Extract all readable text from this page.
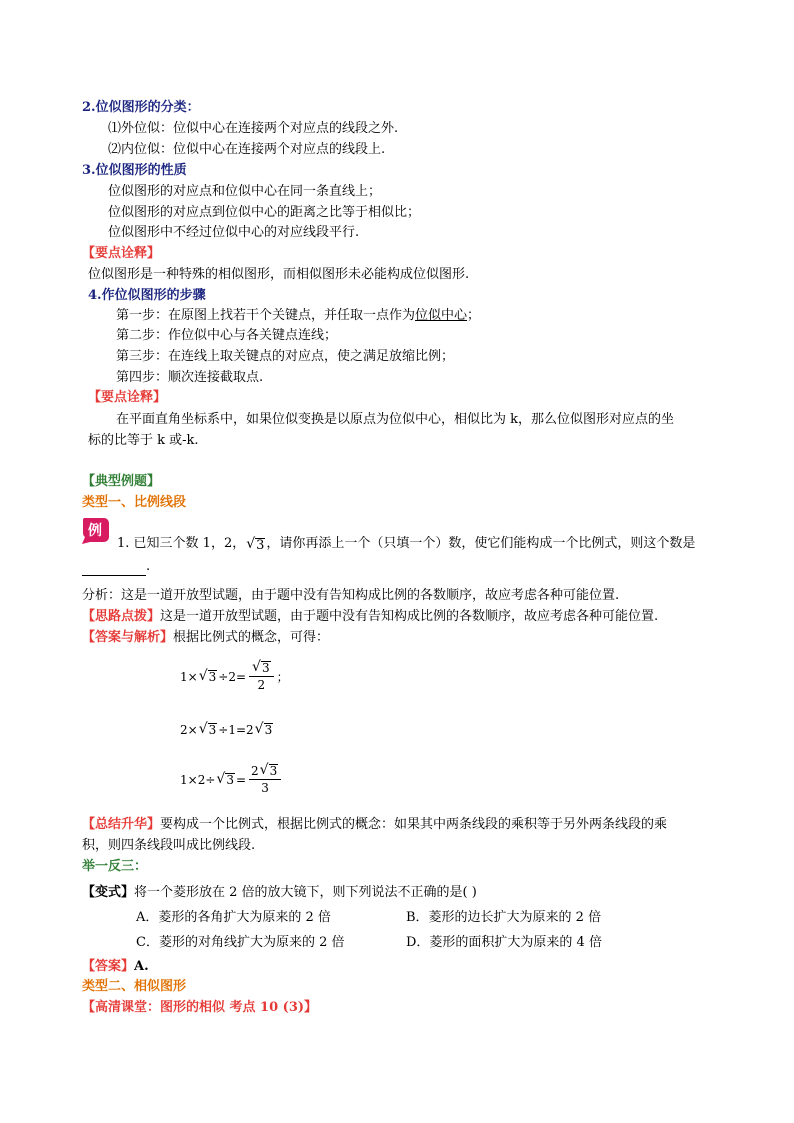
2.位似图形的分类：
⑴外位似：位似中心在连接两个对应点的线段之外.
⑵内位似：位似中心在连接两个对应点的线段上.
3.位似图形的性质
位似图形的对应点和位似中心在同一条直线上；
位似图形的对应点到位似中心的距离之比等于相似比；
位似图形中不经过位似中心的对应线段平行.
【要点诠释】
位似图形是一种特殊的相似图形，而相似图形未必能构成位似图形.
4.作位似图形的步骤
第一步：在原图上找若干个关键点，并任取一点作为位似中心；
第二步：作位似中心与各关键点连线；
第三步：在连线上取关键点的对应点，使之满足放缩比例；
第四步：顺次连接截取点.
【要点诠释】
在平面直角坐标系中，如果位似变换是以原点为位似中心，相似比为 k，那么位似图形对应点的坐
标的比等于 k 或-k.
【典型例题】
类型一、比例线段
例
1. 已知三个数 1，2， √ 3 ，请你再添上一个（只填一个）数，使它们能构成一个比例式，则这个数是
.
分析：这是一道开放型试题，由于题中没有告知构成比例的各数顺序，故应考虑各种可能位置.
【思路点拨】这是一道开放型试题，由于题中没有告知构成比例的各数顺序，故应考虑各种可能位置.
【答案与解析】根据比例式的概念，可得：
1× √ $3 \div 2= \frac{√ 3}{2}$ ；
2× √ 3 ÷1=2 √ 3
1×2÷ √ $3 = \frac{2 √ 3}{3}$
【总结升华】要构成一个比例式，根据比例式的概念：如果其中两条线段的乘积等于另外两条线段的乘
积，则四条线段叫成比例线段.
举一反三：
【变式】将一个菱形放在 2 倍的放大镜下，则下列说法不正确的是( )
A．菱形的各角扩大为原来的 2 倍	B．菱形的边长扩大为原来的 2 倍
C．菱形的对角线扩大为原来的 2 倍	D．菱形的面积扩大为原来的 4 倍
【答案】A.
类型二、相似图形
【高清课堂：图形的相似 考点 10 (3)】
